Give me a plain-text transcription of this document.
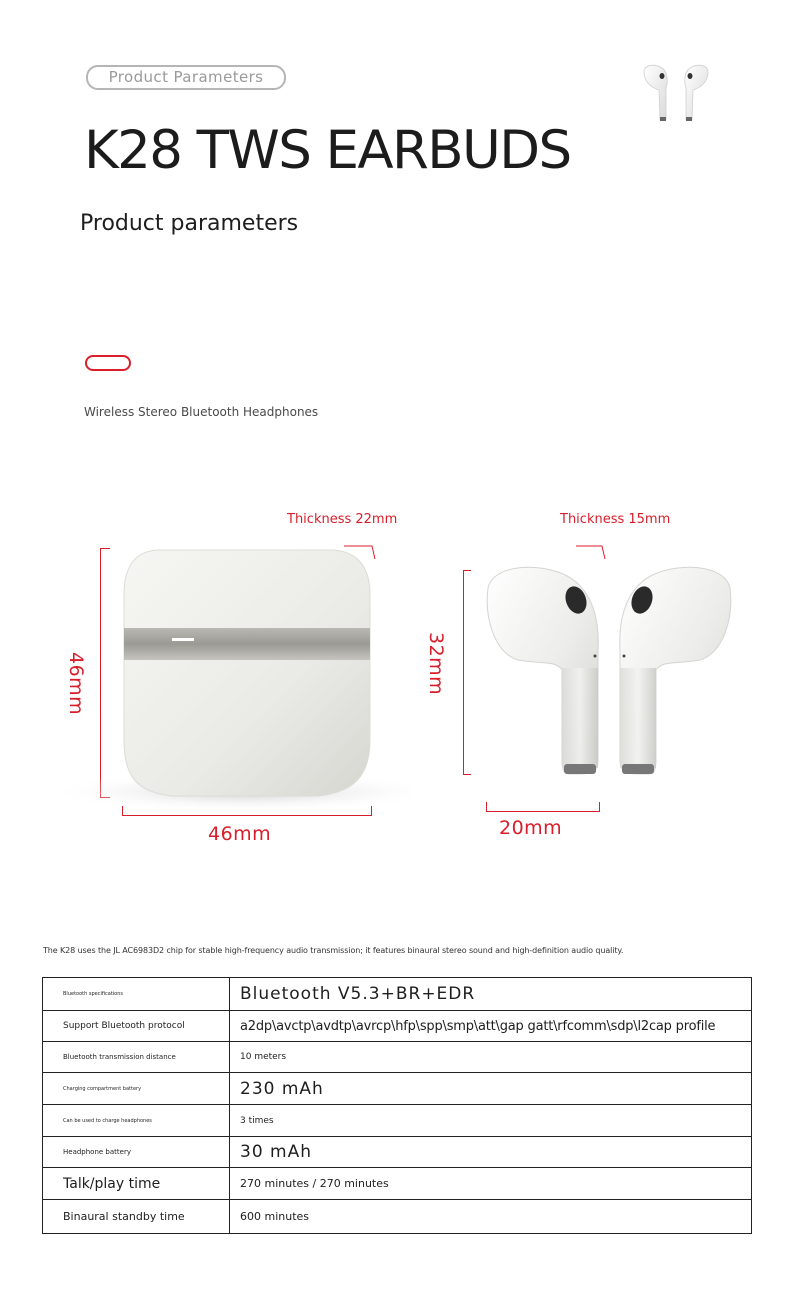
Product Parameters
K28 TWS EARBUDS
Product parameters
Wireless Stereo Bluetooth Headphones
Thickness 22mm
46mm
46mm
Thickness 15mm
32mm
20mm
The K28 uses the JL AC6983D2 chip for stable high-frequency audio transmission; it features binaural stereo sound and high-definition audio quality.
Bluetooth specifications	Bluetooth V5.3+BR+EDR
Support Bluetooth protocol	a2dp\avctp\avdtp\avrcp\hfp\spp\smp\att\gap gatt\rfcomm\sdp\l2cap profile
Bluetooth transmission distance	10 meters
Charging compartment battery	230 mAh
Can be used to charge headphones	3 times
Headphone battery	30 mAh
Talk/play time	270 minutes / 270 minutes
Binaural standby time	600 minutes
